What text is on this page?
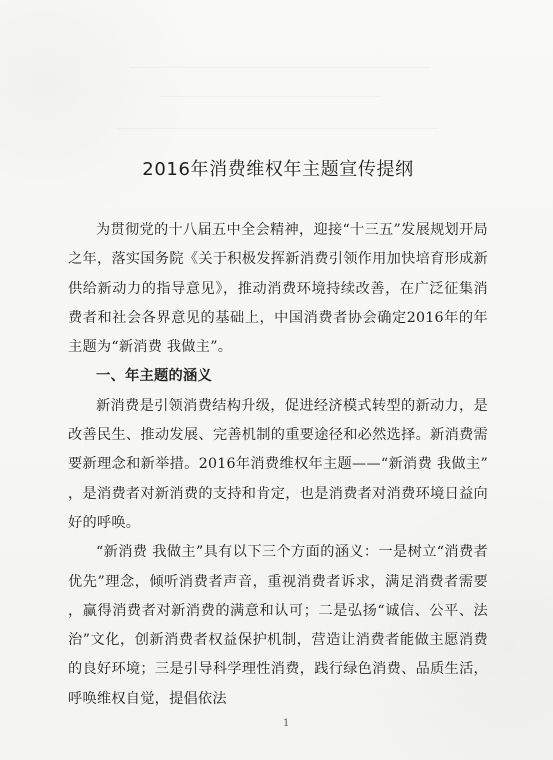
2016年消费维权年主题宣传提纲

为贯彻党的十八届五中全会精神，迎接“十三五”发展规划开局之年，落实国务院《关于积极发挥新消费引领作用加快培育形成新供给新动力的指导意见》，推动消费环境持续改善，在广泛征集消费者和社会各界意见的基础上，中国消费者协会确定2016年的年主题为“新消费 我做主”。

一、年主题的涵义

新消费是引领消费结构升级，促进经济模式转型的新动力，是改善民生、推动发展、完善机制的重要途径和必然选择。新消费需要新理念和新举措。2016年消费维权年主题——“新消费 我做主”，是消费者对新消费的支持和肯定，也是消费者对消费环境日益向好的呼唤。

“新消费 我做主”具有以下三个方面的涵义：一是树立“消费者优先”理念，倾听消费者声音，重视消费者诉求，满足消费者需要，赢得消费者对新消费的满意和认可；二是弘扬“诚信、公平、法治”文化，创新消费者权益保护机制，营造让消费者能做主愿消费的良好环境；三是引导科学理性消费，践行绿色消费、品质生活，呼唤维权自觉，提倡依法

1
